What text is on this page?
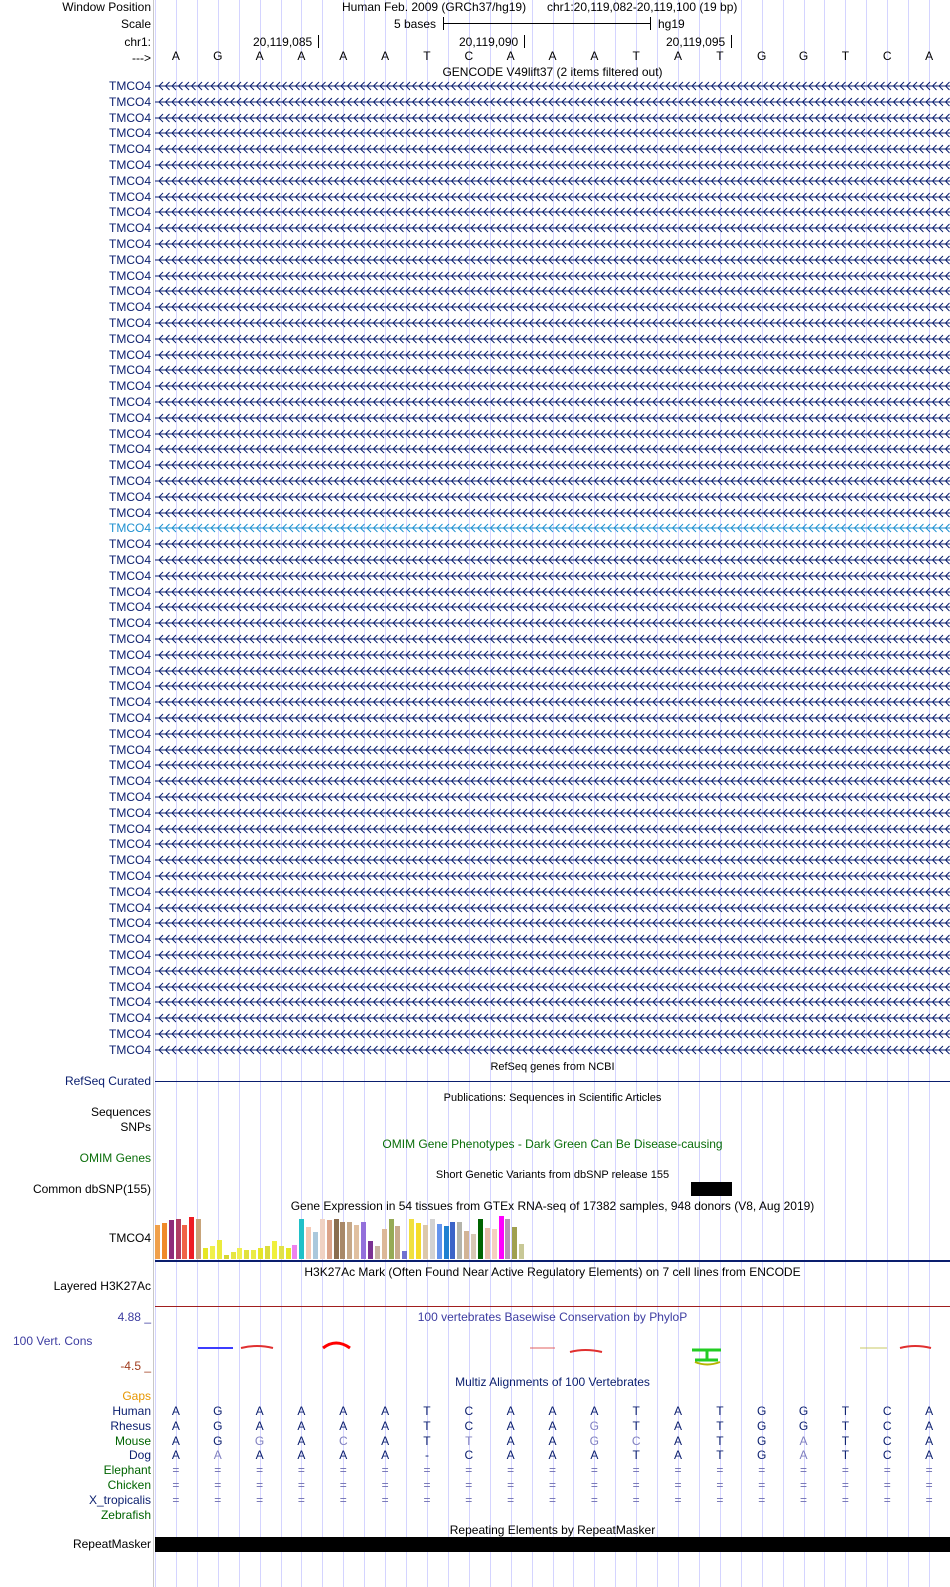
Window Position	Human Feb. 2009 (GRCh37/hg19) chr1:20,119,082-20,119,100 (19 bp)
Scale	5 bases	hg19
chr1:	20,119,085	20,119,090	20,119,095
---> A	G	A	A	A	A	T	C	A	A	A	T	A	T	G	G	T	C	A
GENCODE V49lift37 (2 items filtered out)
TMCO4
TMCO4
TMCO4
TMCO4
TMCO4
TMCO4
TMCO4
TMCO4
TMCO4
TMCO4
TMCO4
TMCO4
TMCO4
TMCO4
TMCO4
TMCO4
TMCO4
TMCO4
TMCO4
TMCO4
TMCO4
TMCO4
TMCO4
TMCO4
TMCO4
TMCO4
TMCO4
TMCO4
TMCO4
TMCO4
TMCO4
TMCO4
TMCO4
TMCO4
TMCO4
TMCO4
TMCO4
TMCO4
TMCO4
TMCO4
TMCO4
TMCO4
TMCO4
TMCO4
TMCO4
TMCO4
TMCO4
TMCO4
TMCO4
TMCO4
TMCO4
TMCO4
TMCO4
TMCO4
TMCO4
TMCO4
TMCO4
TMCO4
TMCO4
TMCO4
TMCO4
TMCO4
RefSeq genes from NCBI
RefSeq Curated
Publications: Sequences in Scientific Articles
Sequences
SNPs
OMIM Gene Phenotypes - Dark Green Can Be Disease-causing
OMIM Genes
Short Genetic Variants from dbSNP release 155
Common dbSNP(155)
Gene Expression in 54 tissues from GTEx RNA-seq of 17382 samples, 948 donors (V8, Aug 2019)
TMCO4
H3K27Ac Mark (Often Found Near Active Regulatory Elements) on 7 cell lines from ENCODE
Layered H3K27Ac
100 vertebrates Basewise Conservation by PhyloP
4.88 _
100 Vert. Cons
-4.5 _
Multiz Alignments of 100 Vertebrates
Gaps
Human A	G	A	A	A	A	T	C	A	A	A	T	A	T	G	G	T	C	A
Rhesus A	G	A	A	A	A	T	C	A	A	G	T	A	T	G	G	T	C	A
Mouse A	G	G	A	C	A	T	T	A	A	G	C	A	T	G	A	T	C	A
Dog A	A	A	A	A	A	-	C	A	A	A	T	A	T	G	A	T	C	A
Elephant =	=	=	=	=	=	=	=	=	=	=	=	=	=	=	=	=	=	=
Chicken =	=	=	=	=	=	=	=	=	=	=	=	=	=	=	=	=	=	=
X_tropicalis =	=	=	=	=	=	=	=	=	=	=	=	=	=	=	=	=	=	=
Zebrafish
Repeating Elements by RepeatMasker
RepeatMasker
